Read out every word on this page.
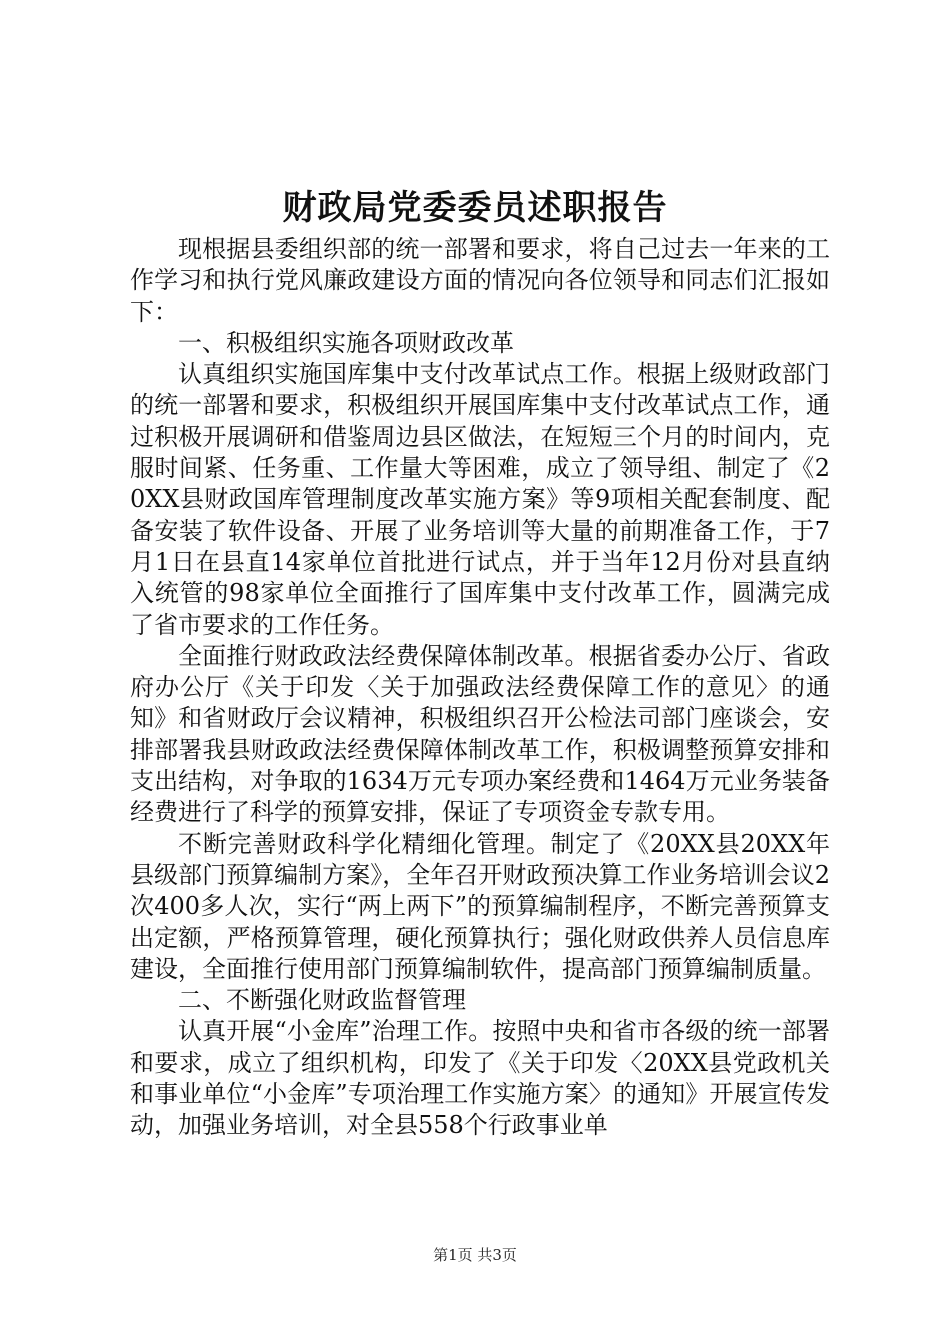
财政局党委委员述职报告

现根据县委组织部的统一部署和要求，将自己过去一年来的工作学习和执行党风廉政建设方面的情况向各位领导和同志们汇报如下：

一、积极组织实施各项财政改革

认真组织实施国库集中支付改革试点工作。根据上级财政部门的统一部署和要求，积极组织开展国库集中支付改革试点工作，通过积极开展调研和借鉴周边县区做法，在短短三个月的时间内，克服时间紧、任务重、工作量大等困难，成立了领导组、制定了《20XX县财政国库管理制度改革实施方案》等9项相关配套制度、配备安装了软件设备、开展了业务培训等大量的前期准备工作，于7月1日在县直14家单位首批进行试点，并于当年12月份对县直纳入统管的98家单位全面推行了国库集中支付改革工作，圆满完成了省市要求的工作任务。

全面推行财政政法经费保障体制改革。根据省委办公厅、省政府办公厅《关于印发〈关于加强政法经费保障工作的意见〉的通知》和省财政厅会议精神，积极组织召开公检法司部门座谈会，安排部署我县财政政法经费保障体制改革工作，积极调整预算安排和支出结构，对争取的1634万元专项办案经费和1464万元业务装备经费进行了科学的预算安排，保证了专项资金专款专用。

不断完善财政科学化精细化管理。制定了《20XX县20XX年县级部门预算编制方案》，全年召开财政预决算工作业务培训会议2次400多人次，实行“两上两下”的预算编制程序，不断完善预算支出定额，严格预算管理，硬化预算执行；强化财政供养人员信息库建设，全面推行使用部门预算编制软件，提高部门预算编制质量。

二、不断强化财政监督管理

认真开展“小金库”治理工作。按照中央和省市各级的统一部署和要求，成立了组织机构，印发了《关于印发〈20XX县党政机关和事业单位“小金库”专项治理工作实施方案〉的通知》开展宣传发动，加强业务培训，对全县558个行政事业单

第1页 共3页
